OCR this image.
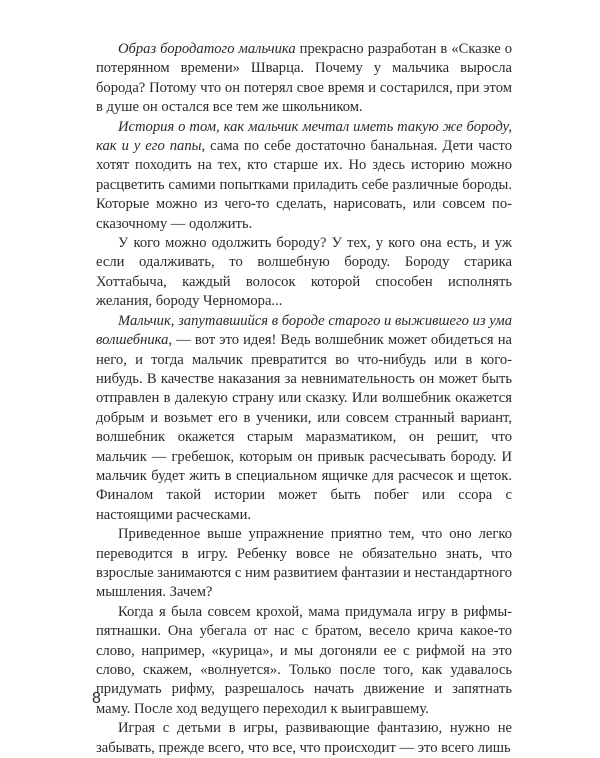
Образ бородатого мальчика прекрасно разработан в «Сказке о потерянном времени» Шварца. Почему у мальчика выросла борода? Потому что он потерял свое время и состарился, при этом в душе он остался все тем же школьником.

История о том, как мальчик мечтал иметь такую же бороду, как и у его папы, сама по себе достаточно банальная. Дети часто хотят походить на тех, кто старше их. Но здесь историю можно расцветить самими попытками приладить себе различные бороды. Которые можно из чего-то сделать, нарисовать, или совсем по-сказочному — одолжить.

У кого можно одолжить бороду? У тех, у кого она есть, и уж если одалживать, то волшебную бороду. Бороду старика Хоттабыча, каждый волосок которой способен исполнять желания, бороду Черномора...

Мальчик, запутавшийся в бороде старого и выжившего из ума волшебника, — вот это идея! Ведь волшебник может обидеться на него, и тогда мальчик превратится во что-нибудь или в кого-нибудь. В качестве наказания за невнимательность он может быть отправлен в далекую страну или сказку. Или волшебник окажется добрым и возьмет его в ученики, или совсем странный вариант, волшебник окажется старым маразматиком, он решит, что мальчик — гребешок, которым он привык расчесывать бороду. И мальчик будет жить в специальном ящичке для расчесок и щеток. Финалом такой истории может быть побег или ссора с настоящими расческами.

Приведенное выше упражнение приятно тем, что оно легко переводится в игру. Ребенку вовсе не обязательно знать, что взрослые занимаются с ним развитием фантазии и нестандартного мышления. Зачем?

Когда я была совсем крохой, мама придумала игру в рифмы-пятнашки. Она убегала от нас с братом, весело крича какое-то слово, например, «курица», и мы догоняли ее с рифмой на это слово, скажем, «волнуется». Только после того, как удавалось придумать рифму, разрешалось начать движение и запятнать маму. После ход ведущего переходил к выигравшему.

Играя с детьми в игры, развивающие фантазию, нужно не забывать, прежде всего, что все, что происходит — это всего лишь

8
